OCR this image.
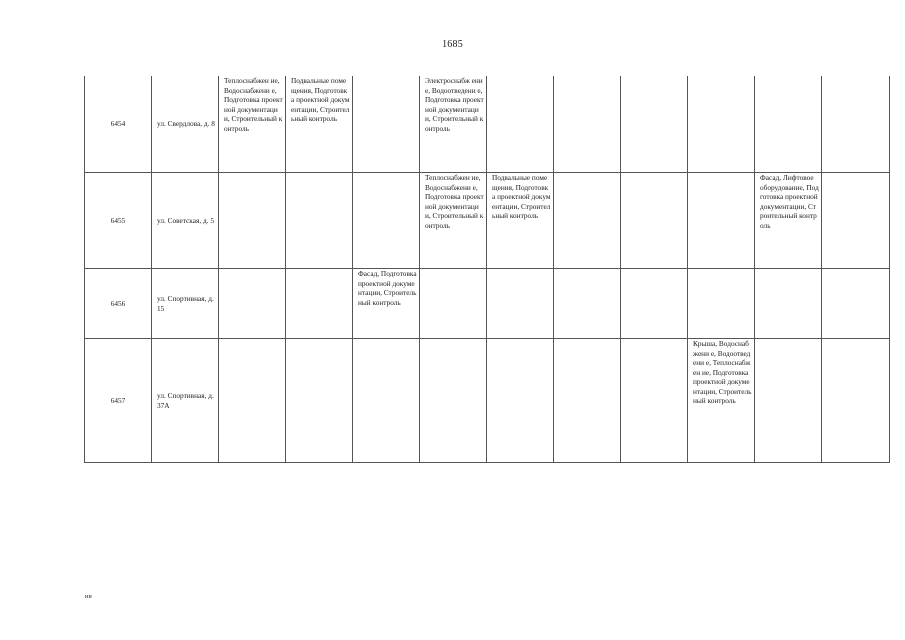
1685
6454	ул. Свердлова, д. 8	Теплоснабжен ие, Водоснабжени е, Подготовка проектной документации, Строительный контроль	Подвальные помещения, Подготовка проектной документации, Строительный контроль		Электроснабж ение, Водоотведени е, Подготовка проектной документации, Строительный контроль						
6455	ул. Советская, д. 5				Теплоснабжен ие, Водоснабжени е, Подготовка проектной документации, Строительный контроль	Подвальные помещения, Подготовка проектной документации, Строительный контроль				Фасад, Лифтовое оборудование, Подготовка проектной документации, Строительный контроль	
6456	ул. Спортивная, д. 15			Фасад, Подготовка проектной документации, Строительный контроль							
6457	ул. Спортивная, д. 37А								Крыша, Водоснабжени е, Водоотведени е, Теплоснабжен ие, Подготовка проектной документации, Строительный контроль		
ии
